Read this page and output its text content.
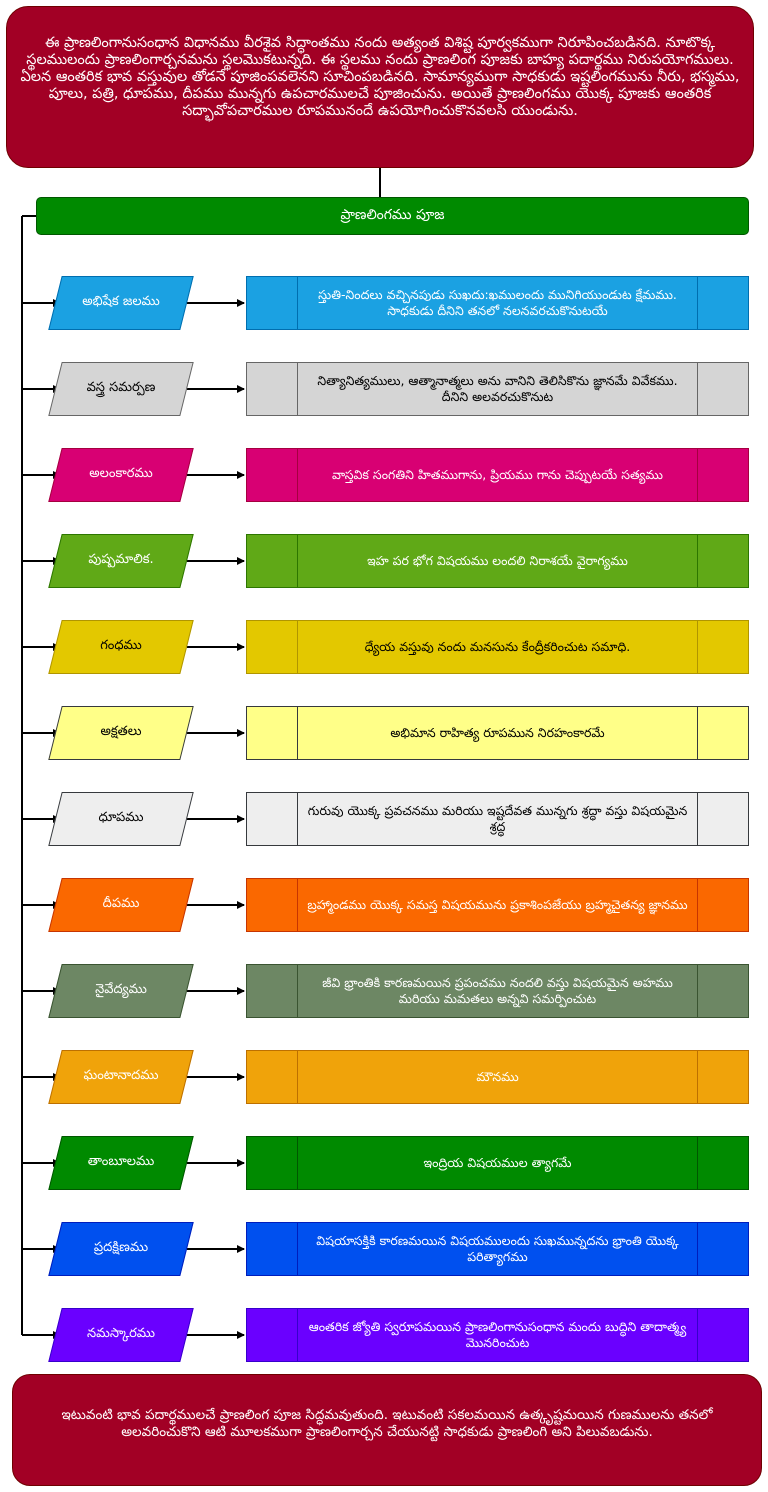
ఈ ప్రాణలింగానుసంధాన విధానము వీరశైవ సిద్ధాంతము నందు అత్యంత విశిష్ట పూర్వకముగా నిరూపించబడినది. నూటొక్క స్థలములందు ప్రాణలింగార్చనమను స్థలమొకటున్నది. ఈ స్థలము నందు ప్రాణలింగ పూజకు బాహ్య పదార్థము నిరుపయోగములు. ఏలన ఆంతరిక భావ వస్తువుల తోడనే పూజింపవలెనని సూచింపబడినది. సామాన్యముగా సాధకుడు ఇష్టలింగమును నీరు, భస్మము, పూలు, పత్రి, ధూపము, దీపము మున్నగు ఉపచారములచే పూజించును. అయితే ప్రాణలింగము యొక్క పూజకు ఆంతరిక సద్భావోపచారముల రూపమునందే ఉపయోగించుకొనవలసి యుండును.
ప్రాణలింగము పూజ
అభిషేక జలము	స్తుతి-నిందలు వచ్చినపుడు సుఖదు:ఖములందు మునిగియుండుట క్షేమము. సాధకుడు దీనిని తనలో నలనవరచుకొనుటయే
వస్త్ర సమర్పణ	నిత్యానిత్యములు, ఆత్మానాత్మలు అను వానిని తెలిసికొను జ్ఞానమే వివేకము. దీనిని అలవరచుకొనుట
అలంకారము	వాస్తవిక సంగతిని హితముగాను, ప్రియము గాను చెప్పుటయే సత్యము
పుష్పమాలిక.	ఇహ పర భోగ విషయము లందలి నిరాశయే వైరాగ్యము
గంధము	ధ్యేయ వస్తువు నందు మనసును కేంద్రీకరించుట సమాధి.
అక్షతలు	అభిమాన రాహిత్య రూపమున నిరహంకారమే
ధూపము	గురువు యొక్క ప్రవచనము మరియు ఇష్టదేవత మున్నగు శ్రద్ధా వస్తు విషయమైన శ్రద్ధ
దీపము	బ్రహ్మాండము యొక్క సమస్త విషయమును ప్రకాశింపజేయు బ్రహ్మచైతన్య జ్ఞానము
నైవేద్యము	జీవి భ్రాంతికి కారణమయిన ప్రపంచము నందలి వస్తు విషయమైన అహము మరియు మమతలు అన్నవి సమర్పించుట
ఘంటానాదము	మౌనము
తాంబూలము	ఇంద్రియ విషయముల త్యాగమే
ప్రదక్షిణము	విషయాసక్తికి కారణమయిన విషయములందు సుఖమున్నదను భ్రాంతి యొక్క పరిత్యాగము
నమస్కారము	ఆంతరిక జ్యోతి స్వరూపమయిన ప్రాణలింగానుసంధాన మందు బుద్ధిని తాదాత్మ్య మొనరించుట
ఇటువంటి భావ పదార్థములచే ప్రాణలింగ పూజ సిద్ధమవుతుంది. ఇటువంటి సకలమయిన ఉత్కృష్టమయిన గుణములను తనలో అలవరించుకొని ఆటి మూలకముగా ప్రాణలింగార్చన చేయునట్టి సాధకుడు ప్రాణలింగి అని పిలువబడును.
